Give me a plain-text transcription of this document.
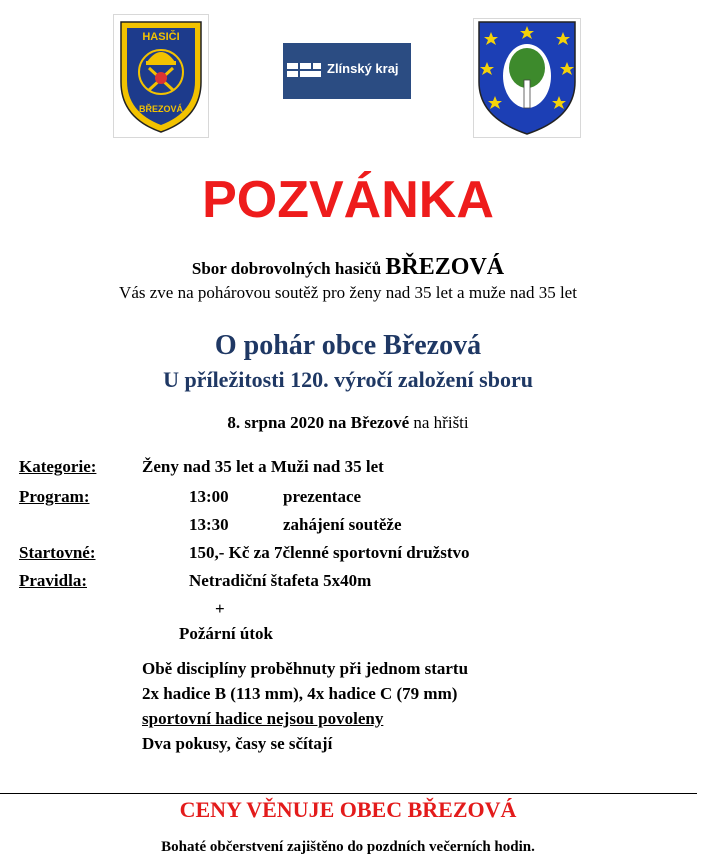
HASIČI
BŘEZOVÁ
Zlínský kraj
POZVÁNKA
Sbor dobrovolných hasičů BŘEZOVÁ
Vás zve na pohárovou soutěž pro ženy nad 35 let a muže nad 35 let
O pohár obce Březová
U příležitosti 120. výročí založení sboru
8. srpna 2020 na Březové na hřišti
Kategorie:	Ženy nad 35 let a Muži nad 35 let
Program:	13:00	prezentace
13:30	zahájení soutěže
Startovné:	150,- Kč za 7členné sportovní družstvo
Pravidla:	Netradiční štafeta 5x40m
+
Požární útok
Obě disciplíny proběhnuty při jednom startu
2x hadice B (113 mm), 4x hadice C (79 mm)
sportovní hadice nejsou povoleny
Dva pokusy, časy se sčítají
CENY VĚNUJE OBEC BŘEZOVÁ
Bohaté občerstvení zajištěno do pozdních večerních hodin.
